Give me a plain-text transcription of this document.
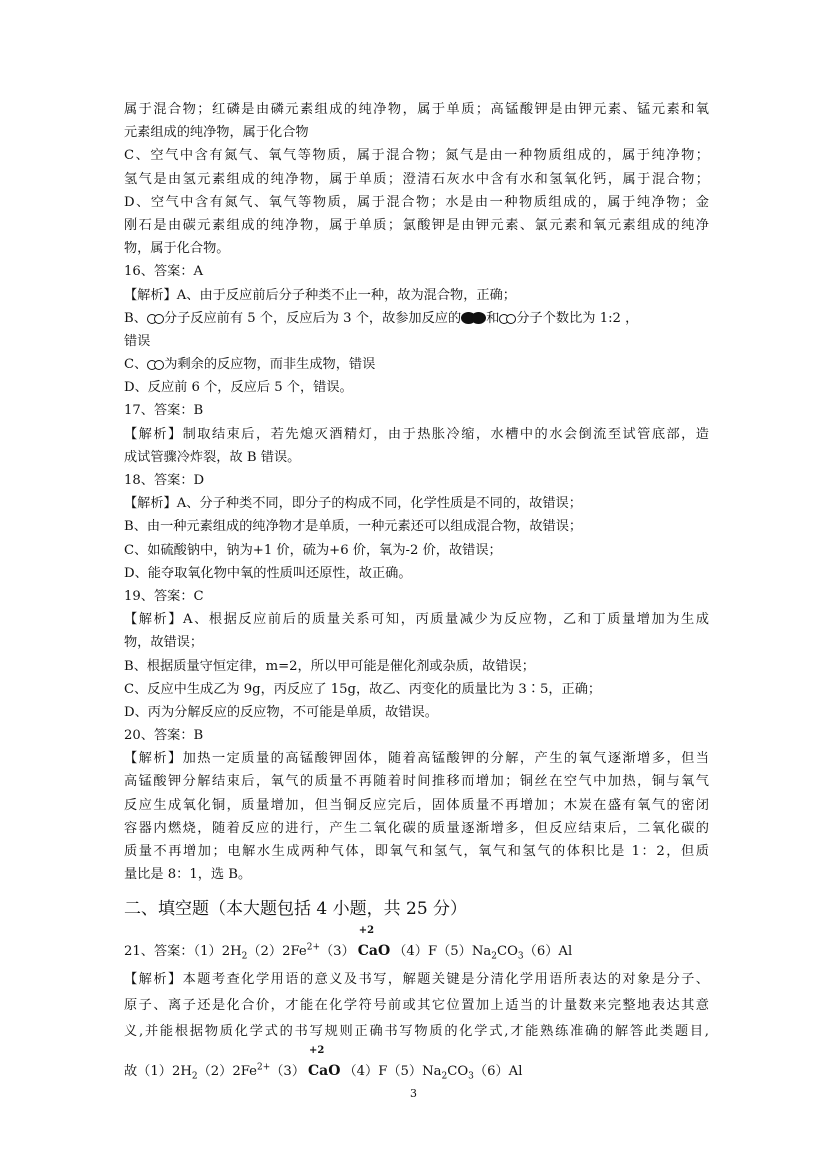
属于混合物；红磷是由磷元素组成的纯净物，属于单质；高锰酸钾是由钾元素、锰元素和氧
元素组成的纯净物，属于化合物
C、空气中含有氮气、氧气等物质，属于混合物；氮气是由一种物质组成的，属于纯净物；
氢气是由氢元素组成的纯净物，属于单质；澄清石灰水中含有水和氢氧化钙，属于混合物；
D、空气中含有氮气、氧气等物质，属于混合物；水是由一种物质组成的，属于纯净物；金
刚石是由碳元素组成的纯净物，属于单质；氯酸钾是由钾元素、氯元素和氧元素组成的纯净
物，属于化合物。
16、答案：A
【解析】A、由于反应前后分子种类不止一种，故为混合物，正确；
B、 分子反应前有 5 个，反应后为 3 个，故参加反应的 和 分子个数比为 1:2 ，
错误
C、 为剩余的反应物，而非生成物，错误
D、反应前 6 个，反应后 5 个，错误。
17、答案：B
【解析】制取结束后，若先熄灭酒精灯，由于热胀冷缩，水槽中的水会倒流至试管底部，造
成试管骤冷炸裂，故 B 错误。
18、答案：D
【解析】A、分子种类不同，即分子的构成不同，化学性质是不同的，故错误；
B、由一种元素组成的纯净物才是单质，一种元素还可以组成混合物，故错误；
C、如硫酸钠中，钠为+1 价，硫为+6 价，氧为-2 价，故错误；
D、能夺取氧化物中氧的性质叫还原性，故正确。
19、答案：C
【解析】A、根据反应前后的质量关系可知，丙质量减少为反应物，乙和丁质量增加为生成
物，故错误；
B、根据质量守恒定律，m=2，所以甲可能是催化剂或杂质，故错误；
C、反应中生成乙为 9g，丙反应了 15g，故乙、丙变化的质量比为 3∶5，正确；
D、丙为分解反应的反应物，不可能是单质，故错误。
20、答案：B
【解析】加热一定质量的高锰酸钾固体，随着高锰酸钾的分解，产生的氧气逐渐增多，但当
高锰酸钾分解结束后，氧气的质量不再随着时间推移而增加；铜丝在空气中加热，铜与氧气
反应生成氧化铜，质量增加，但当铜反应完后，固体质量不再增加；木炭在盛有氧气的密闭
容器内燃烧，随着反应的进行，产生二氧化碳的质量逐渐增多，但反应结束后，二氧化碳的
质量不再增加；电解水生成两种气体，即氧气和氢气，氧气和氢气的体积比是 1：2，但质
量比是 8：1，选 B。
二、填空题（本大题包括 4 小题，共 25 分）
21、答案：$(1)2H_2(2)2Fe^{2+}(3)$
+2
CaO $(4)F(5)Na_2CO_3(6)Al$
【解析】本题考查化学用语的意义及书写，解题关键是分清化学用语所表达的对象是分子、
原子、离子还是化合价，才能在化学符号前或其它位置加上适当的计量数来完整地表达其意
义,并能根据物质化学式的书写规则正确书写物质的化学式,才能熟练准确的解答此类题目,
故$(1)2H_2(2)2Fe^{2+}(3)$
+2
CaO $(4)F(5)Na_2CO_3(6)Al$
3
